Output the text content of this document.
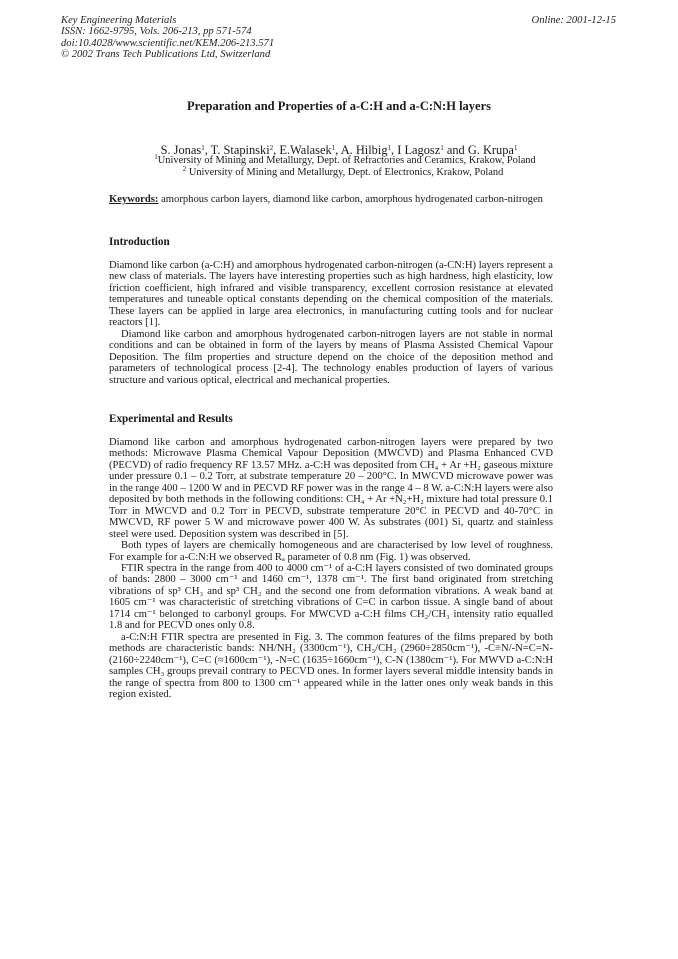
Key Engineering Materials
ISSN: 1662-9795, Vols. 206-213, pp 571-574
doi:10.4028/www.scientific.net/KEM.206-213.571
© 2002 Trans Tech Publications Ltd, Switzerland
Online: 2001-12-15
Preparation and Properties of a-C:H and a-C:N:H layers
S. Jonas$^1$, T. Stapinski$^2$, E.Walasek$^1$, A. Hilbig$^1$, I Lagosz$^1$ and G. Krupa$^1$
$^1$University of Mining and Metallurgy, Dept. of Refractories and Ceramics, Krakow, Poland
$^2$ University of Mining and Metallurgy, Dept. of Electronics, Krakow, Poland
Keywords: amorphous carbon layers, diamond like carbon, amorphous hydrogenated carbon-nitrogen
Introduction

Diamond like carbon (a-C:H) and amorphous hydrogenated carbon-nitrogen (a-CN:H) layers represent a new class of materials. The layers have interesting properties such as high hardness, high elasticity, low friction coefficient, high infrared and visible transparency, excellent corrosion resistance at elevated temperatures and tuneable optical constants depending on the chemical composition of the materials. These layers can be applied in large area electronics, in manufacturing cutting tools and for nuclear reactors [1].

Diamond like carbon and amorphous hydrogenated carbon-nitrogen layers are not stable in normal conditions and can be obtained in form of the layers by means of Plasma Assisted Chemical Vapour Deposition. The film properties and structure depend on the choice of the deposition method and parameters of technological process [2-4]. The technology enables production of layers of various structure and various optical, electrical and mechanical properties.

Experimental and Results

Diamond like carbon and amorphous hydrogenated carbon-nitrogen layers were prepared by two methods: Microwave Plasma Chemical Vapour Deposition (MWCVD) and Plasma Enhanced CVD (PECVD) of radio frequency RF 13.57 MHz. a-C:H was deposited from CH₄ + Ar +H₂ gaseous mixture under pressure 0.1 – 0.2 Torr, at substrate temperature 20 – 200°C. In MWCVD microwave power was in the range 400 – 1200 W and in PECVD RF power was in the range 4 – 8 W. a-C:N:H layers were also deposited by both methods in the following conditions: CH₄ + Ar +N₂+H₂ mixture had total pressure 0.1 Torr in MWCVD and 0.2 Torr in PECVD, substrate temperature 20°C in PECVD and 40-70°C in MWCVD, RF power 5 W and microwave power 400 W. As substrates (001) Si, quartz and stainless steel were used. Deposition system was described in [5].

Both types of layers are chemically homogeneous and are characterised by low level of roughness. For example for a-C:N:H we observed Rₐ parameter of 0.8 nm (Fig. 1) was observed.

FTIR spectra in the range from 400 to 4000 cm⁻¹ of a-C:H layers consisted of two dominated groups of bands: 2800 – 3000 cm⁻¹ and 1460 cm⁻¹, 1378 cm⁻¹. The first band originated from stretching vibrations of sp³ CH₃ and sp³ CH₂ and the second one from deformation vibrations. A weak band at 1605 cm⁻¹ was characteristic of stretching vibrations of C=C in carbon tissue. A single band of about 1714 cm⁻¹ belonged to carbonyl groups. For MWCVD a-C:H films CH₂/CH₃ intensity ratio equalled 1.8 and for PECVD ones only 0.8.

a-C:N:H FTIR spectra are presented in Fig. 3. The common features of the films prepared by both methods are characteristic bands: NH/NH₂ (3300cm⁻¹), CH₃/CH₂ (2960÷2850cm⁻¹), -C≡N/-N=C=N- (2160÷2240cm⁻¹), C=C (≈1600cm⁻¹), -N=C (1635÷1660cm⁻¹), C-N (1380cm⁻¹). For MWVD a-C:N:H samples CH₃ groups prevail contrary to PECVD ones. In former layers several middle intensity bands in the range of spectra from 800 to 1300 cm⁻¹ appeared while in the latter ones only weak bands in this region existed.
